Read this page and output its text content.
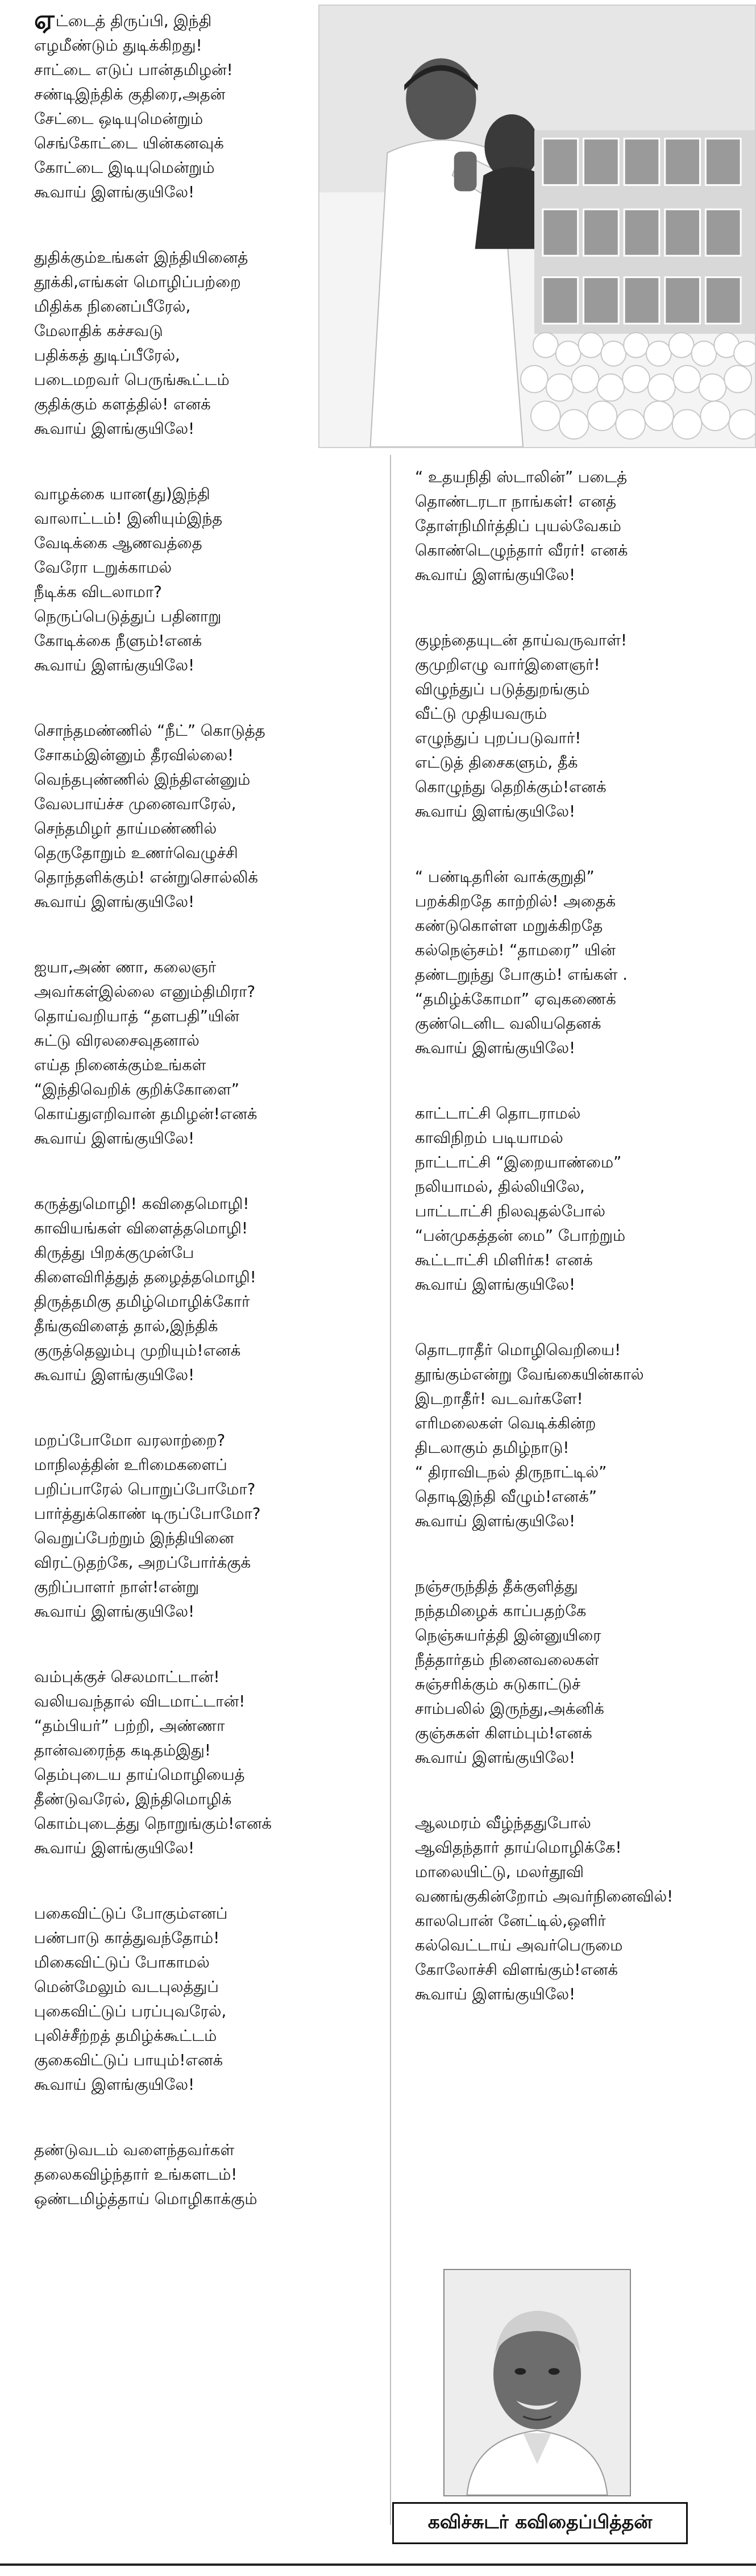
ஏட்டைத் திருப்பி, இந்தி
எழமீண்டும் துடிக்கிறது!
சாட்டை எடுப் பான்தமிழன்!
சண்டிஇந்திக் குதிரை,அதன்
சேட்டை ஒடியுமென்றும்
செங்கோட்டை யின்கனவுக்
கோட்டை இடியுமென்றும்
கூவாய் இளங்குயிலே!
துதிக்கும்உங்கள் இந்தியினைத்
தூக்கி,எங்கள் மொழிப்பற்றை
மிதிக்க நினைப்பீரேல்,
மேலாதிக் கச்சவடு
பதிக்கத் துடிப்பீரேல்,
படைமறவர் பெருங்கூட்டம்
குதிக்கும் களத்தில்! எனக்
கூவாய் இளங்குயிலே!
வாழக்கை யான(து)இந்தி
வாலாட்டம்! இனியும்இந்த
வேடிக்கை ஆணவத்தை
வேரோ டறுக்காமல்
நீடிக்க விடலாமா?
நெருப்பெடுத்துப் பதினாறு
கோடிக்கை நீளும்!எனக்
கூவாய் இளங்குயிலே!
சொந்தமண்ணில் “நீட்” கொடுத்த
சோகம்இன்னும் தீரவில்லை!
வெந்தபுண்ணில் இந்திஎன்னும்
வேலபாய்ச்ச முனைவாரேல்,
செந்தமிழர் தாய்மண்ணில்
தெருதோறும் உணர்வெழுச்சி
தொந்தளிக்கும்! என்றுசொல்லிக்
கூவாய் இளங்குயிலே!
ஐயா,அண் ணா, கலைஞர்
அவர்கள்இல்லை எனும்திமிரா?
தொய்வறியாத் “தளபதி”யின்
சுட்டு விரலசைவுதனால்
எய்த நினைக்கும்உங்கள்
“இந்திவெறிக் குறிக்கோளை”
கொய்துஎறிவான் தமிழன்!எனக்
கூவாய் இளங்குயிலே!
கருத்துமொழி! கவிதைமொழி!
காவியங்கள் விளைத்தமொழி!
கிருத்து பிறக்குமுன்பே
கிளைவிரித்துத் தழைத்தமொழி!
திருத்தமிகு தமிழ்மொழிக்கோர்
தீங்குவிளைத் தால்,இந்திக்
குருத்தெலும்பு முறியும்!எனக்
கூவாய் இளங்குயிலே!
மறப்போமோ வரலாற்றை?
மாநிலத்தின் உரிமைகளைப்
பறிப்பாரேல் பொறுப்போமோ?
பார்த்துக்கொண் டிருப்போமோ?
வெறுப்பேற்றும் இந்தியினை
விரட்டுதற்கே, அறப்போர்க்குக்
குறிப்பாளர் நாள்!என்று
கூவாய் இளங்குயிலே!
வம்புக்குச் செலமாட்டான்!
வலியவந்தால் விடமாட்டான்!
“தம்பியர்” பற்றி, அண்ணா
தான்வரைந்த கடிதம்இது!
தெம்புடைய தாய்மொழியைத்
தீண்டுவரேல், இந்திமொழிக்
கொம்புடைத்து நொறுங்கும்!எனக்
கூவாய் இளங்குயிலே!
பகைவிட்டுப் போகும்எனப்
பண்பாடு காத்துவந்தோம்!
மிகைவிட்டுப் போகாமல்
மென்மேலும் வடபுலத்துப்
புகைவிட்டுப் பரப்புவரேல்,
புலிச்சீற்றத் தமிழ்க்கூட்டம்
குகைவிட்டுப் பாயும்!எனக்
கூவாய் இளங்குயிலே!
தண்டுவடம் வளைந்தவர்கள்
தலைகவிழ்ந்தார் உங்களடம்!
ஒண்டமிழ்த்தாய் மொழிகாக்கும்
“ உதயநிதி ஸ்டாலின்” படைத்
தொண்டரடா நாங்கள்! எனத்
தோள்நிமிர்த்திப் புயல்வேகம்
கொண்டெழுந்தார் வீரர்! எனக்
கூவாய் இளங்குயிலே!
குழந்தையுடன் தாய்வருவாள்!
குமுறிஎழு வார்இளைஞர்!
விழுந்துப் படுத்துறங்கும்
வீட்டு முதியவரும்
எழுந்துப் புறப்படுவார்!
எட்டுத் திசைகளும், தீக்
கொழுந்து தெறிக்கும்!எனக்
கூவாய் இளங்குயிலே!
“ பண்டிதரின் வாக்குறுதி”
பறக்கிறதே காற்றில்! அதைக்
கண்டுகொள்ள மறுக்கிறதே
கல்நெஞ்சம்! “தாமரை” யின்
தண்டறுந்து போகும்! எங்கள் .
“தமிழ்க்கோமா” ஏவுகணைக்
குண்டெனிட வலியதெனக்
கூவாய் இளங்குயிலே!
காட்டாட்சி தொடராமல்
காவிநிறம் படியாமல்
நாட்டாட்சி “இறையாண்மை”
நலியாமல், தில்லியிலே,
பாட்டாட்சி நிலவுதல்போல்
“பன்முகத்தன் மை” போற்றும்
கூட்டாட்சி மிளிர்க! எனக்
கூவாய் இளங்குயிலே!
தொடராதீர் மொழிவெறியை!
தூங்கும்என்று வேங்கையின்கால்
இடறாதீர்! வடவர்களே!
எரிமலைகள் வெடிக்கின்ற
திடலாகும் தமிழ்நாடு!
“ திராவிடநல் திருநாட்டில்”
தொடிஇந்தி வீழும்!எனக்”
கூவாய் இளங்குயிலே!
நஞ்சருந்தித் தீக்குளித்து
நந்தமிழைக் காப்பதற்கே
நெஞ்சுயர்த்தி இன்னுயிரை
நீத்தார்தம் நினைவலைகள்
சுஞ்சரிக்கும் சுடுகாட்டுச்
சாம்பலில் இருந்து,அக்னிக்
குஞ்சுகள் கிளம்பும்!எனக்
கூவாய் இளங்குயிலே!
ஆலமரம் வீழ்ந்ததுபோல்
ஆவிதந்தார் தாய்மொழிக்கே!
மாலையிட்டு, மலர்தூவி
வணங்குகின்றோம் அவர்நினைவில்!
காலபொன் னேட்டில்,ஒளிர்
கல்வெட்டாய் அவர்பெருமை
கோலோச்சி விளங்கும்!எனக்
கூவாய் இளங்குயிலே!
கவிச்சுடர் கவிதைப்பித்தன்
